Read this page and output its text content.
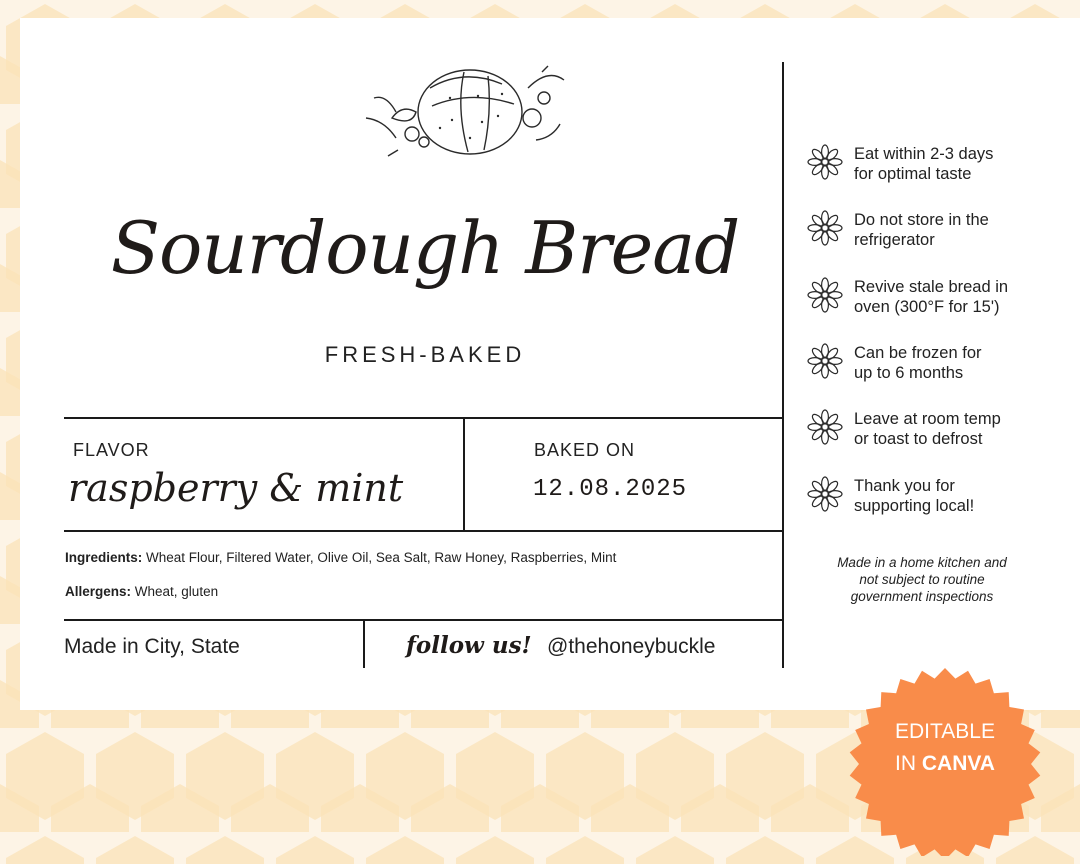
Sourdough Bread
FRESH-BAKED
FLAVOR
raspberry & mint
BAKED ON
12.08.2025
Ingredients: Wheat Flour, Filtered Water, Olive Oil, Sea Salt, Raw Honey, Raspberries, Mint
Allergens: Wheat, gluten
Made in City, State	follow us! @thehoneybuckle
Eat within 2-3 days
for optimal taste
Do not store in the
refrigerator
Revive stale bread in
oven (300°F for 15')
Can be frozen for
up to 6 months
Leave at room temp
or toast to defrost
Thank you for
supporting local!
Made in a home kitchen and
not subject to routine
government inspections
EDITABLE
IN CANVA
